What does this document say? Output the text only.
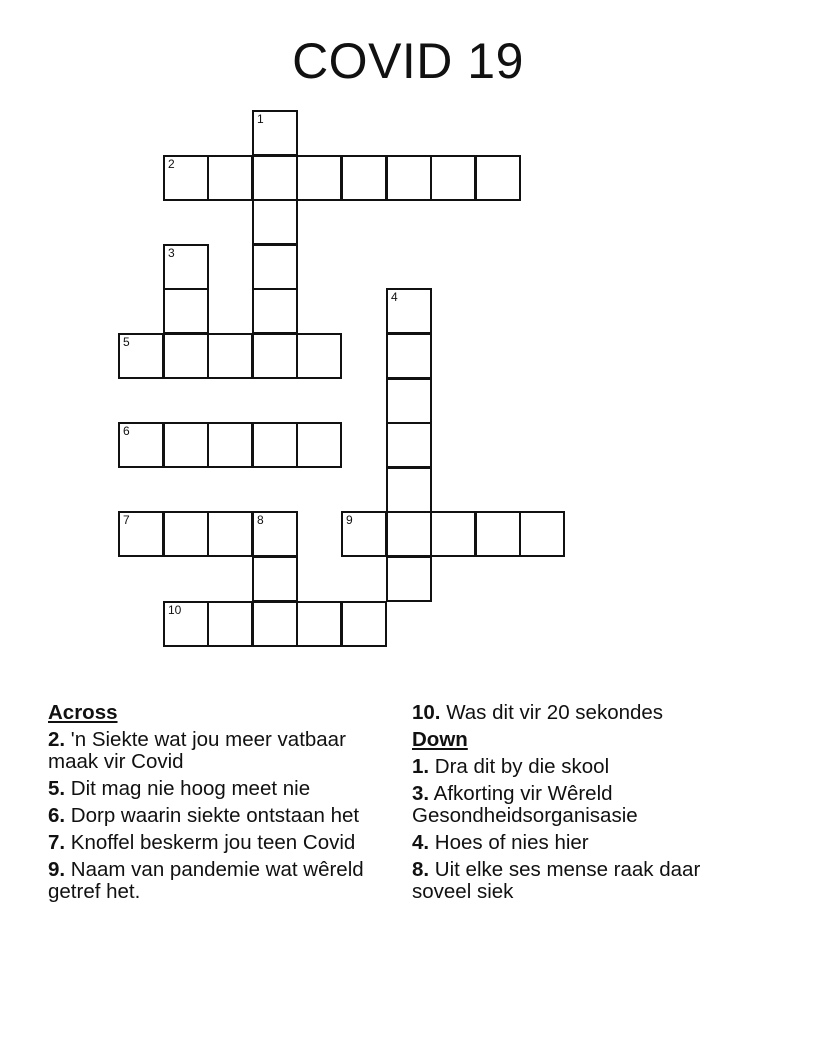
COVID 19
1
2
3
4
5
6
7	8	9
10
Across
2. 'n Siekte wat jou meer vatbaar maak vir Covid
5. Dit mag nie hoog meet nie
6. Dorp waarin siekte ontstaan het
7. Knoffel beskerm jou teen Covid
9. Naam van pandemie wat wêreld getref het.
10. Was dit vir 20 sekondes
Down
1. Dra dit by die skool
3. Afkorting vir Wêreld Gesondheidsorganisasie
4. Hoes of nies hier
8. Uit elke ses mense raak daar soveel siek
